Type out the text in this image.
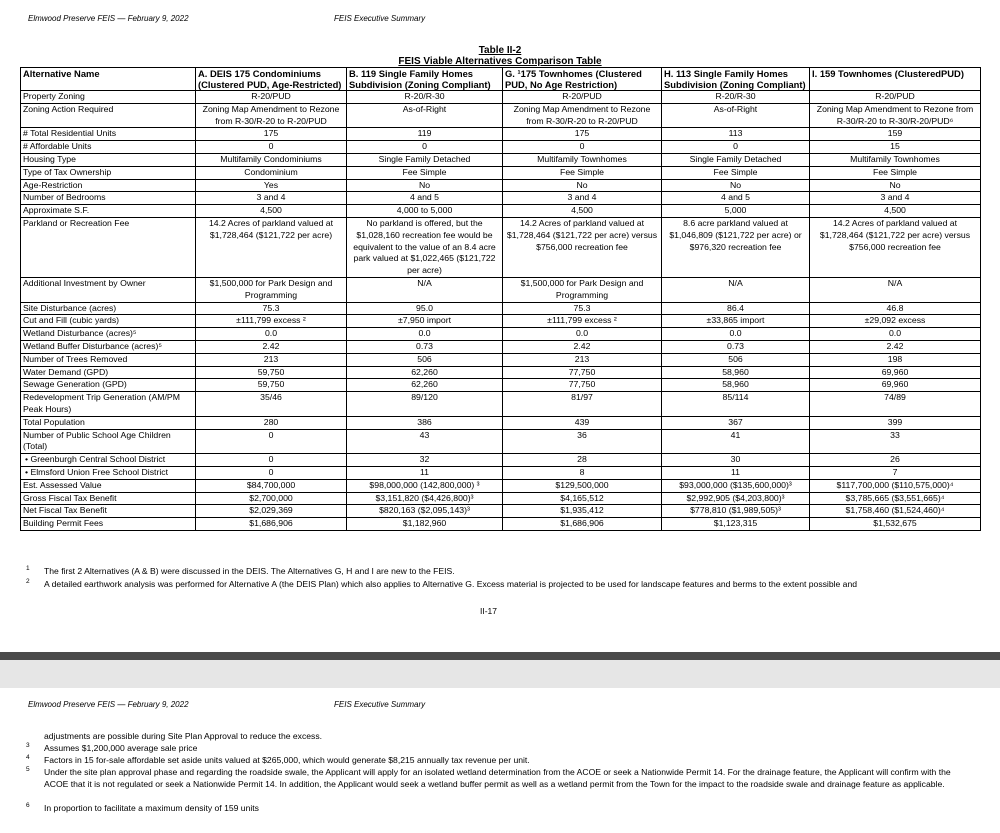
Elmwood Preserve FEIS — February 9, 2022	FEIS Executive Summary
Table II-2
FEIS Viable Alternatives Comparison Table
Alternative Name	A. DEIS 175 Condominiums (Clustered PUD, Age-Restricted)	B. 119 Single Family Homes Subdivision (Zoning Compliant)	G. ¹175 Townhomes (Clustered PUD, No Age Restriction)	H. 113 Single Family Homes Subdivision (Zoning Compliant)	I. 159 Townhomes (ClusteredPUD)
Property Zoning	R-20/PUD	R-20/R-30	R-20/PUD	R-20/R-30	R-20/PUD
Zoning Action Required	Zoning Map Amendment to Rezone from R-30/R-20 to R-20/PUD	As-of-Right	Zoning Map Amendment to Rezone from R-30/R-20 to R-20/PUD	As-of-Right	Zoning Map Amendment to Rezone from R-30/R-20 to R-30/R-20/PUD⁶
# Total Residential Units	175	119	175	113	159
# Affordable Units	0	0	0	0	15
Housing Type	Multifamily Condominiums	Single Family Detached	Multifamily Townhomes	Single Family Detached	Multifamily Townhomes
Type of Tax Ownership	Condominium	Fee Simple	Fee Simple	Fee Simple	Fee Simple
Age-Restriction	Yes	No	No	No	No
Number of Bedrooms	3 and 4	4 and 5	3 and 4	4 and 5	3 and 4
Approximate S.F.	4,500	4,000 to 5,000	4,500	5,000	4,500
Parkland or Recreation Fee	14.2 Acres of parkland valued at $1,728,464 ($121,722 per acre)	No parkland is offered, but the $1,028,160 recreation fee would be equivalent to the value of an 8.4 acre park valued at $1,022,465 ($121,722 per acre)	14.2 Acres of parkland valued at $1,728,464 ($121,722 per acre) versus $756,000 recreation fee	8.6 acre parkland valued at $1,046,809 ($121,722 per acre) or $976,320 recreation fee	14.2 Acres of parkland valued at $1,728,464 ($121,722 per acre) versus $756,000 recreation fee
Additional Investment by Owner	$1,500,000 for Park Design and Programming	N/A	$1,500,000 for Park Design and Programming	N/A	N/A
Site Disturbance (acres)	75.3	95.0	75.3	86.4	46.8
Cut and Fill (cubic yards)	±111,799 excess ²	±7,950 import	±111,799 excess ²	±33,865 import	±29,092 excess
Wetland Disturbance (acres)⁵	0.0	0.0	0.0	0.0	0.0
Wetland Buffer Disturbance (acres)⁵	2.42	0.73	2.42	0.73	2.42
Number of Trees Removed	213	506	213	506	198
Water Demand (GPD)	59,750	62,260	77,750	58,960	69,960
Sewage Generation (GPD)	59,750	62,260	77,750	58,960	69,960
Redevelopment Trip Generation (AM/PM Peak Hours)	35/46	89/120	81/97	85/114	74/89
Total Population	280	386	439	367	399
Number of Public School Age Children (Total)	0	43	36	41	33
• Greenburgh Central School District	0	32	28	30	26
• Elmsford Union Free School District	0	11	8	11	7
Est. Assessed Value	$84,700,000	$98,000,000 (142,800,000) ³	$129,500,000	$93,000,000 ($135,600,000)³	$117,700,000 ($110,575,000)⁴
Gross Fiscal Tax Benefit	$2,700,000	$3,151,820 ($4,426,800)³	$4,165,512	$2,992,905 ($4,203,800)³	$3,785,665 ($3,551,665)⁴
Net Fiscal Tax Benefit	$2,029,369	$820,163 ($2,095,143)³	$1,935,412	$778,810 ($1,989,505)³	$1,758,460 ($1,524,460)⁴
Building Permit Fees	$1,686,906	$1,182,960	$1,686,906	$1,123,315	$1,532,675
1 The first 2 Alternatives (A & B) were discussed in the DEIS. The Alternatives G, H and I are new to the FEIS.
2 A detailed earthwork analysis was performed for Alternative A (the DEIS Plan) which also applies to Alternative G. Excess material is projected to be used for landscape features and berms to the extent possible and
II-17
Elmwood Preserve FEIS — February 9, 2022	FEIS Executive Summary
adjustments are possible during Site Plan Approval to reduce the excess.
3 Assumes $1,200,000 average sale price
4 Factors in 15 for-sale affordable set aside units valued at $265,000, which would generate $8,215 annually tax revenue per unit.
5 Under the site plan approval phase and regarding the roadside swale, the Applicant will apply for an isolated wetland determination from the ACOE or seek a Nationwide Permit 14. For the drainage feature, the Applicant will confirm with the ACOE that it is not regulated or seek a Nationwide Permit 14. In addition, the Applicant would seek a wetland buffer permit as well as a wetland permit from the Town for the impact to the roadside swale and drainage feature as applicable.
6 In proportion to facilitate a maximum density of 159 units
